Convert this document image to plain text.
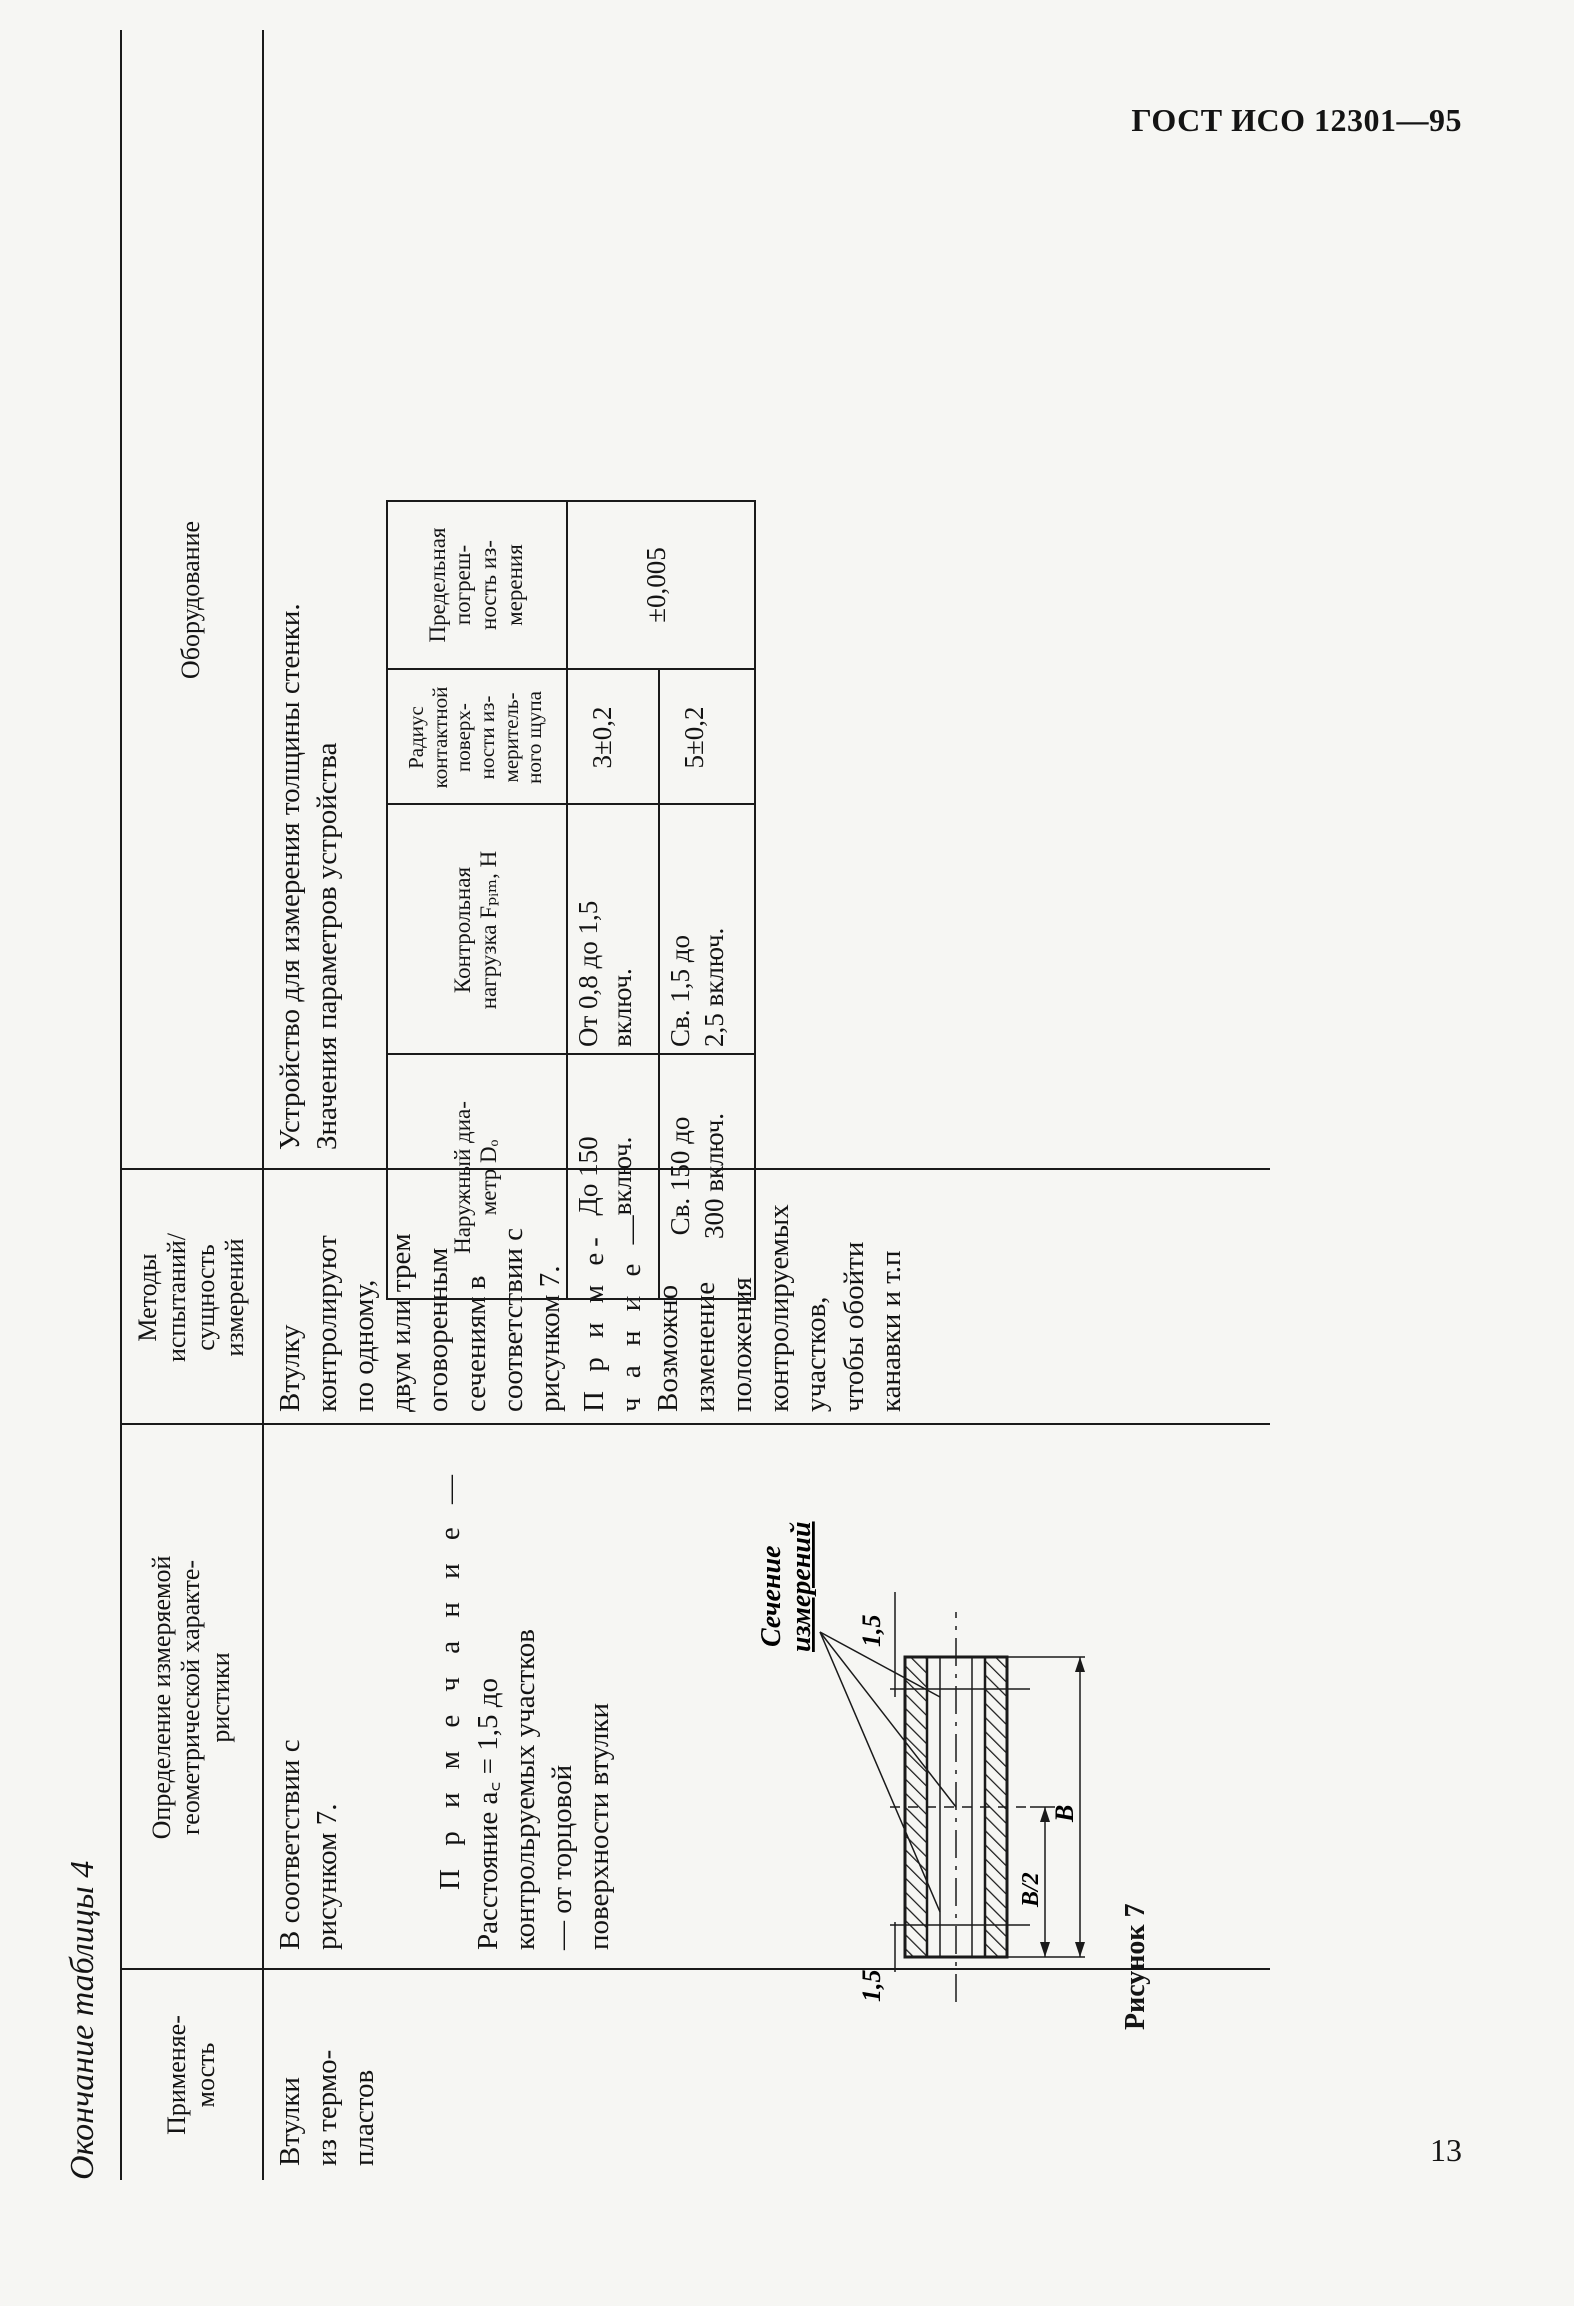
ГОСТ ИСО 12301—95
Окончание таблицы 4 Применяе-
мость
Определение измеряемой
геометрической характе-
ристики
Методы
испытаний/
сущность
измерений
Оборудование
Втулки
из термо-
пластов
В соответствии с
рисунком 7.	П р и м е ч а н и е — Расстояние a꜀ = 1,5 до
контрольруемых участков
— от торцовой
поверхности втулки
Втулку
контролируют
по одному,
двум или трем
оговоренным
сечениям в
соответствии с
рисунком 7.
П р и м е-
ч а н и е —
Возможно
изменение
положения
контролируемых
участков,
чтобы обойти
канавки и т.п
Устройство для измерения толщины стенки.
Значения параметров устройства
Наружный диа-
метр Dₒ
Контрольная
нагрузка Fₚᵢₘ, Н
Радиус
контактной
поверх-
ности из-
меритель-
ного щупа
Предельная
погреш-
ность из-
мерения
До 150
включ.
От 0,8 до 1,5
включ.
3±0,2
Св. 150 до
300 включ.
Св. 1,5 до
2,5 включ.
5±0,2
±0,005
1,5
1,5
B/2
B
Сечение измерений
Рисунок 7
13
